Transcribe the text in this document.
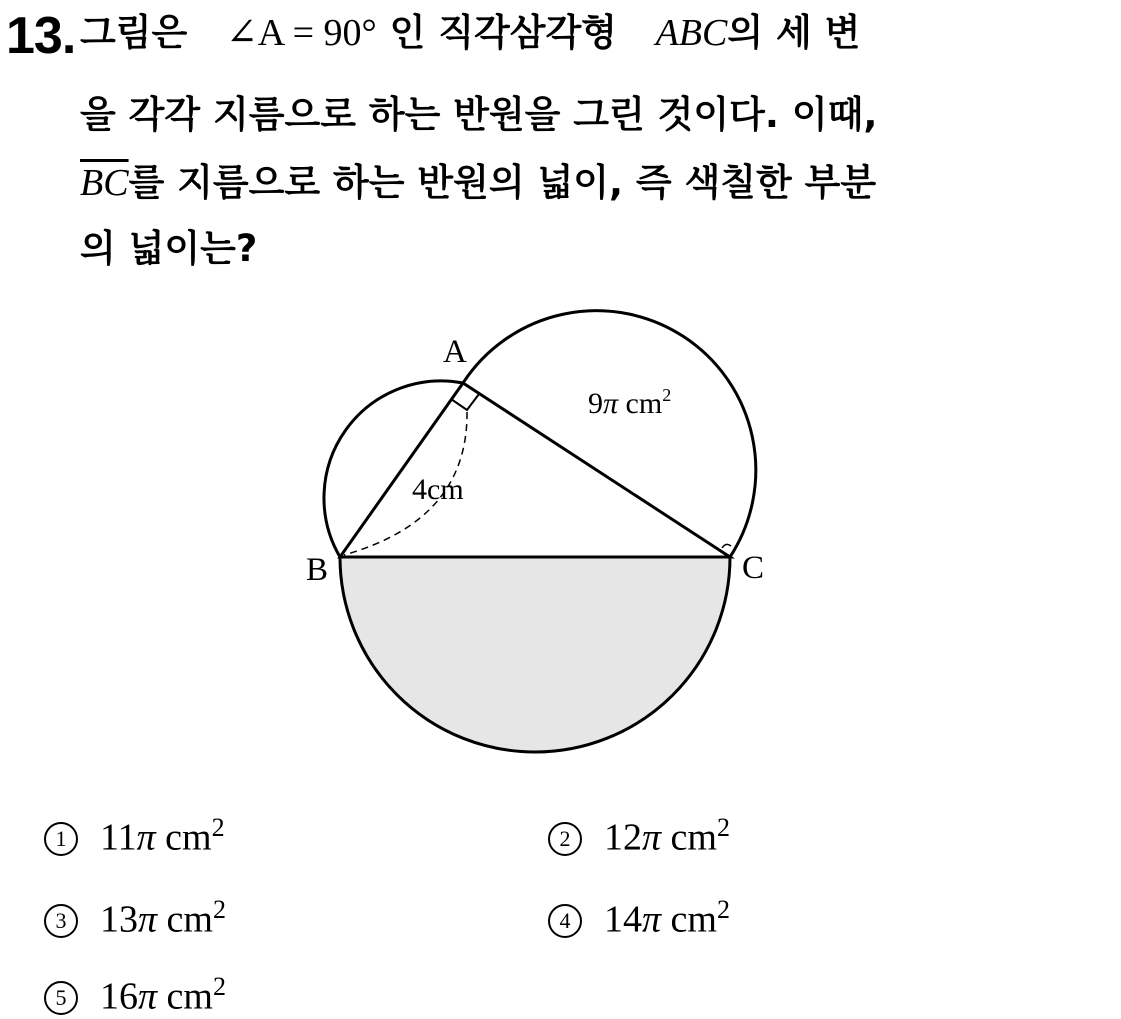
13. 그림은 ∠A = 90° 인 직각삼각형 ABC의 세 변
을 각각 지름으로 하는 반원을 그린 것이다. 이때,
$\overline{BC}$를 지름으로 하는 반원의 넓이, 즉 색칠한 부분
의 넓이는?
A
B	C
4cm
9π $cm^2$
1 11π $cm^2$	2 12π $cm^2$
3 13π $cm^2$	4 14π $cm^2$
5 16π $cm^2$
